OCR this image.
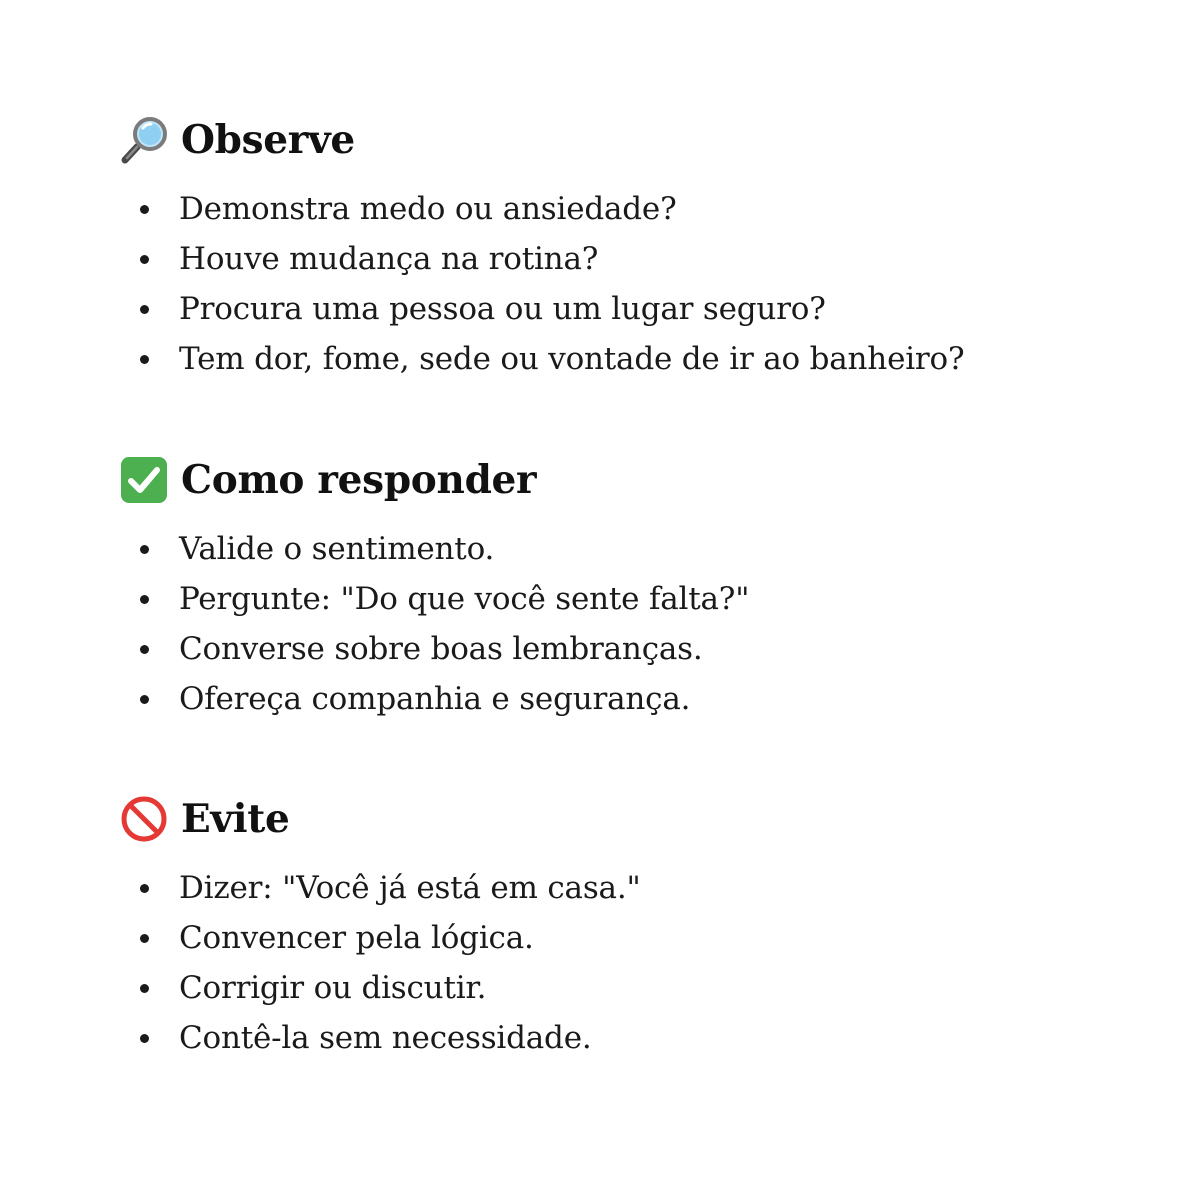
Observe
Demonstra medo ou ansiedade?
Houve mudança na rotina?
Procura uma pessoa ou um lugar seguro?
Tem dor, fome, sede ou vontade de ir ao banheiro?
Como responder
Valide o sentimento.
Pergunte: "Do que você sente falta?"
Converse sobre boas lembranças.
Ofereça companhia e segurança.
Evite
Dizer: "Você já está em casa."
Convencer pela lógica.
Corrigir ou discutir.
Contê-la sem necessidade.
